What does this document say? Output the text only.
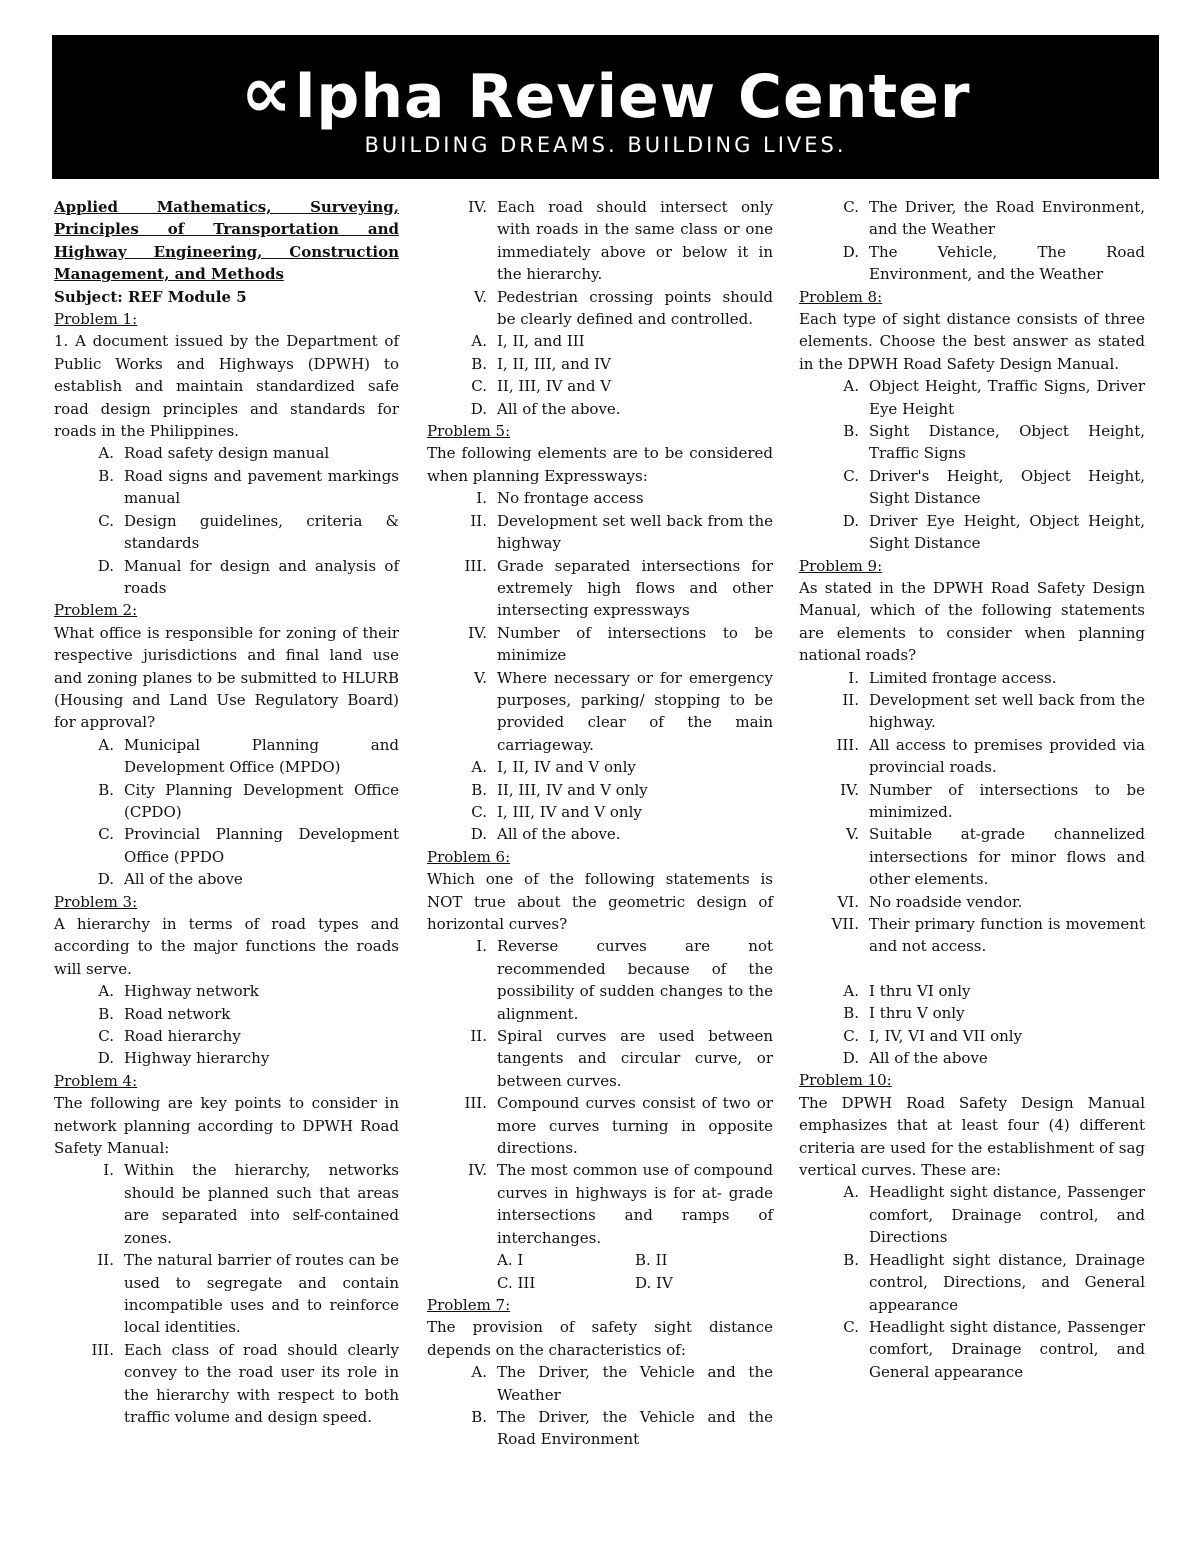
∝lpha Review Center
BUILDING DREAMS. BUILDING LIVES.
Applied Mathematics, Surveying, Principles of Transportation and Highway Engineering, Construction Management, and Methods
Subject: REF Module 5
Problem 1:
1. A document issued by the Department of Public Works and Highways (DPWH) to establish and maintain standardized safe road design principles and standards for roads in the Philippines.
A. Road safety design manual
B. Road signs and pavement markings manual
C. Design guidelines, criteria & standards
D. Manual for design and analysis of roads
Problem 2:
What office is responsible for zoning of their respective jurisdictions and final land use and zoning planes to be submitted to HLURB (Housing and Land Use Regulatory Board) for approval?
A. Municipal Planning and Development Office (MPDO)
B. City Planning Development Office (CPDO)
C. Provincial Planning Development Office (PPDO
D. All of the above
Problem 3:
A hierarchy in terms of road types and according to the major functions the roads will serve.
A. Highway network
B. Road network
C. Road hierarchy
D. Highway hierarchy
Problem 4:
The following are key points to consider in network planning according to DPWH Road Safety Manual:
I. Within the hierarchy, networks should be planned such that areas are separated into self-contained zones.
II. The natural barrier of routes can be used to segregate and contain incompatible uses and to reinforce local identities.
III. Each class of road should clearly convey to the road user its role in the hierarchy with respect to both traffic volume and design speed.
IV. Each road should intersect only with roads in the same class or one immediately above or below it in the hierarchy.
V. Pedestrian crossing points should be clearly defined and controlled.
A. I, II, and III
B. I, II, III, and IV
C. II, III, IV and V
D. All of the above.
Problem 5:
The following elements are to be considered when planning Expressways:
I. No frontage access
II. Development set well back from the highway
III. Grade separated intersections for extremely high flows and other intersecting expressways
IV. Number of intersections to be minimize
V. Where necessary or for emergency purposes, parking/ stopping to be provided clear of the main carriageway.
A. I, II, IV and V only
B. II, III, IV and V only
C. I, III, IV and V only
D. All of the above.
Problem 6:
Which one of the following statements is NOT true about the geometric design of horizontal curves?
I. Reverse curves are not recommended because of the possibility of sudden changes to the alignment.
II. Spiral curves are used between tangents and circular curve, or between curves.
III. Compound curves consist of two or more curves turning in opposite directions.
IV. The most common use of compound curves in highways is for at- grade intersections and ramps of interchanges.
A. I	B. II
C. III	D. IV
Problem 7:
The provision of safety sight distance depends on the characteristics of:
A. The Driver, the Vehicle and the Weather
B. The Driver, the Vehicle and the Road Environment
C. The Driver, the Road Environment, and the Weather
D. The Vehicle, The Road Environment, and the Weather
Problem 8:
Each type of sight distance consists of three elements. Choose the best answer as stated in the DPWH Road Safety Design Manual.
A. Object Height, Traffic Signs, Driver Eye Height
B. Sight Distance, Object Height, Traffic Signs
C. Driver's Height, Object Height, Sight Distance
D. Driver Eye Height, Object Height, Sight Distance
Problem 9:
As stated in the DPWH Road Safety Design Manual, which of the following statements are elements to consider when planning national roads?
I. Limited frontage access.
II. Development set well back from the highway.
III. All access to premises provided via provincial roads.
IV. Number of intersections to be minimized.
V. Suitable at-grade channelized intersections for minor flows and other elements.
VI. No roadside vendor.
VII. Their primary function is movement and not access.
A. I thru VI only
B. I thru V only
C. I, IV, VI and VII only
D. All of the above
Problem 10:
The DPWH Road Safety Design Manual emphasizes that at least four (4) different criteria are used for the establishment of sag vertical curves. These are:
A. Headlight sight distance, Passenger comfort, Drainage control, and Directions
B. Headlight sight distance, Drainage control, Directions, and General appearance
C. Headlight sight distance, Passenger comfort, Drainage control, and General appearance
